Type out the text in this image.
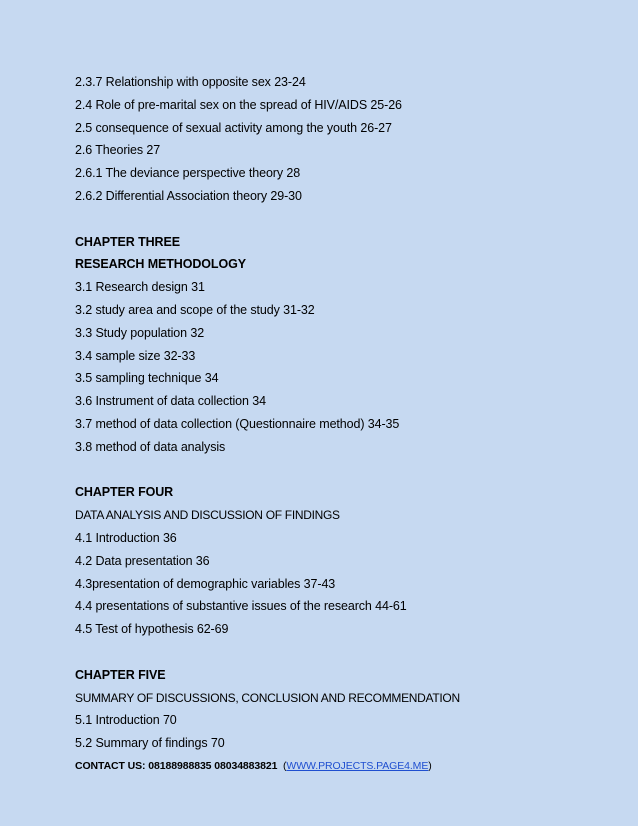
2.3.7 Relationship with opposite sex 23-24
2.4 Role of pre-marital sex on the spread of HIV/AIDS 25-26
2.5 consequence of sexual activity among the youth 26-27
2.6 Theories 27
2.6.1 The deviance perspective theory 28
2.6.2 Differential Association theory 29-30
CHAPTER THREE
RESEARCH METHODOLOGY
3.1 Research design 31
3.2 study area and scope of the study 31-32
3.3 Study population 32
3.4 sample size 32-33
3.5 sampling technique 34
3.6 Instrument of data collection 34
3.7 method of data collection (Questionnaire method) 34-35
3.8 method of data analysis
CHAPTER FOUR
DATA ANALYSIS AND DISCUSSION OF FINDINGS
4.1 Introduction 36
4.2 Data presentation 36
4.3presentation of demographic variables 37-43
4.4 presentations of substantive issues of the research 44-61
4.5 Test of hypothesis 62-69
CHAPTER FIVE
SUMMARY OF DISCUSSIONS, CONCLUSION AND RECOMMENDATION
5.1 Introduction 70
5.2 Summary of findings 70
CONTACT US: 08188988835 08034883821 (WWW.PROJECTS.PAGE4.ME)
